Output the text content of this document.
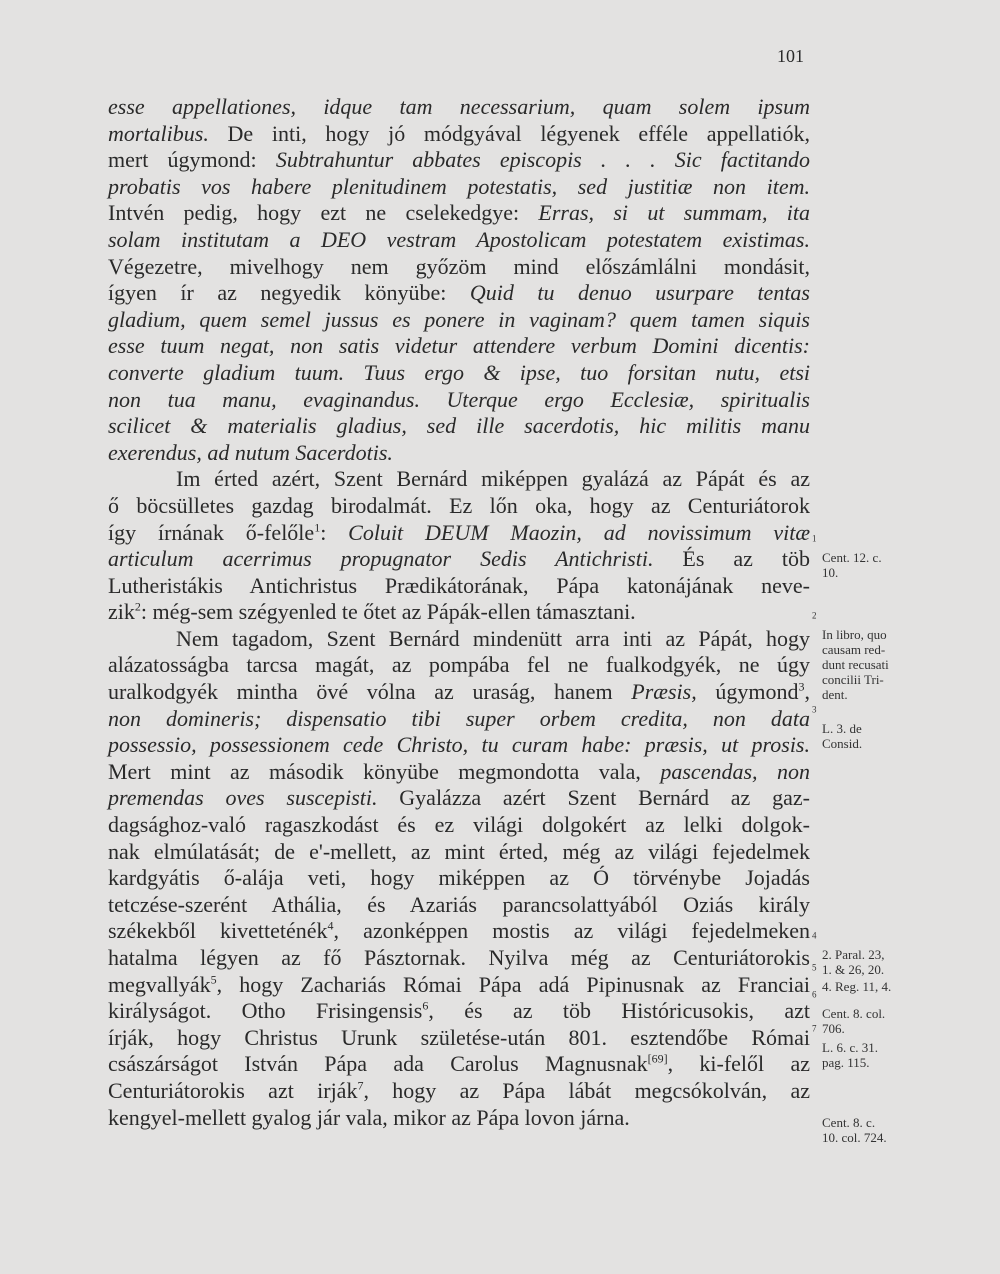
101
esse appellationes, idque tam necessarium, quam solem ipsum
mortalibus. De inti, hogy jó módgyával légyenek efféle appellatiók,
mert úgymond: Subtrahuntur abbates episcopis . . . Sic factitando
probatis vos habere plenitudinem potestatis, sed justitiæ non item.
Intvén pedig, hogy ezt ne cselekedgye: Erras, si ut summam, ita
solam institutam a DEO vestram Apostolicam potestatem existimas.
Végezetre, mivelhogy nem győzöm mind előszámlálni mondásit,
ígyen ír az negyedik könyübe: Quid tu denuo usurpare tentas
gladium, quem semel jussus es ponere in vaginam? quem tamen siquis
esse tuum negat, non satis videtur attendere verbum Domini dicentis:
converte gladium tuum. Tuus ergo & ipse, tuo forsitan nutu, etsi
non tua manu, evaginandus. Uterque ergo Ecclesiæ, spiritualis
scilicet & materialis gladius, sed ille sacerdotis, hic militis manu
exerendus, ad nutum Sacerdotis.
Im érted azért, Szent Bernárd miképpen gyalázá az Pápát és az
ő böcsülletes gazdag birodalmát. Ez lőn oka, hogy az Centuriátorok
így írnának ő-felőle$^1$: Coluit DEUM Maozin, ad novissimum vitæ
articulum acerrimus propugnator Sedis Antichristi. És az töb
Lutheristákis Antichristus Prædikátorának, Pápa katonájának neve-
zik$^2$: még-sem szégyenled te őtet az Pápák-ellen támasztani.
Nem tagadom, Szent Bernárd mindenütt arra inti az Pápát, hogy
alázatosságba tarcsa magát, az pompába fel ne fualkodgyék, ne úgy
uralkodgyék mintha övé vólna az uraság, hanem Præsis, úgymond$^3$,
non domineris; dispensatio tibi super orbem credita, non data
possessio, possessionem cede Christo, tu curam habe: præsis, ut prosis.
Mert mint az második könyübe megmondotta vala, pascendas, non
premendas oves suscepisti. Gyalázza azért Szent Bernárd az gaz-
dagsághoz-való ragaszkodást és ez világi dolgokért az lelki dolgok-
nak elmúlatását; de e'-mellett, az mint érted, még az világi fejedelmek
kardgyátis ő-alája veti, hogy miképpen az Ó törvénybe Jojadás
tetczése-szerént Athália, és Azariás parancsolattyából Oziás király
székekből kivetteténék$^4$, azonképpen mostis az világi fejedelmeken
hatalma légyen az fő Pásztornak. Nyilva még az Centuriátorokis
megvallyák$^5$, hogy Zachariás Római Pápa adá Pipinusnak az Franciai
királyságot. Otho Frisingensis$^6$, és az töb Históricusokis, azt
írják, hogy Christus Urunk születése-után 801. esztendőbe Római
császárságot István Pápa ada Carolus Magnusnak[69], ki-felől az
Centuriátorokis azt irják$^7$, hogy az Pápa lábát megcsókolván, az
kengyel-mellett gyalog jár vala, mikor az Pápa lovon járna.
$^1$
Cent. 12. c.
10.
$^2$
In libro, quo
causam red-
dunt recusati
concilii Tri-
dent.
$^3$
L. 3. de
Consid.
$^4$
2. Paral. 23,
1. & 26, 20.
$^5$
4. Reg. 11, 4.
$^6$
Cent. 8. col.
706.
$^7$
L. 6. c. 31.
pag. 115.
Cent. 8. c.
10. col. 724.
